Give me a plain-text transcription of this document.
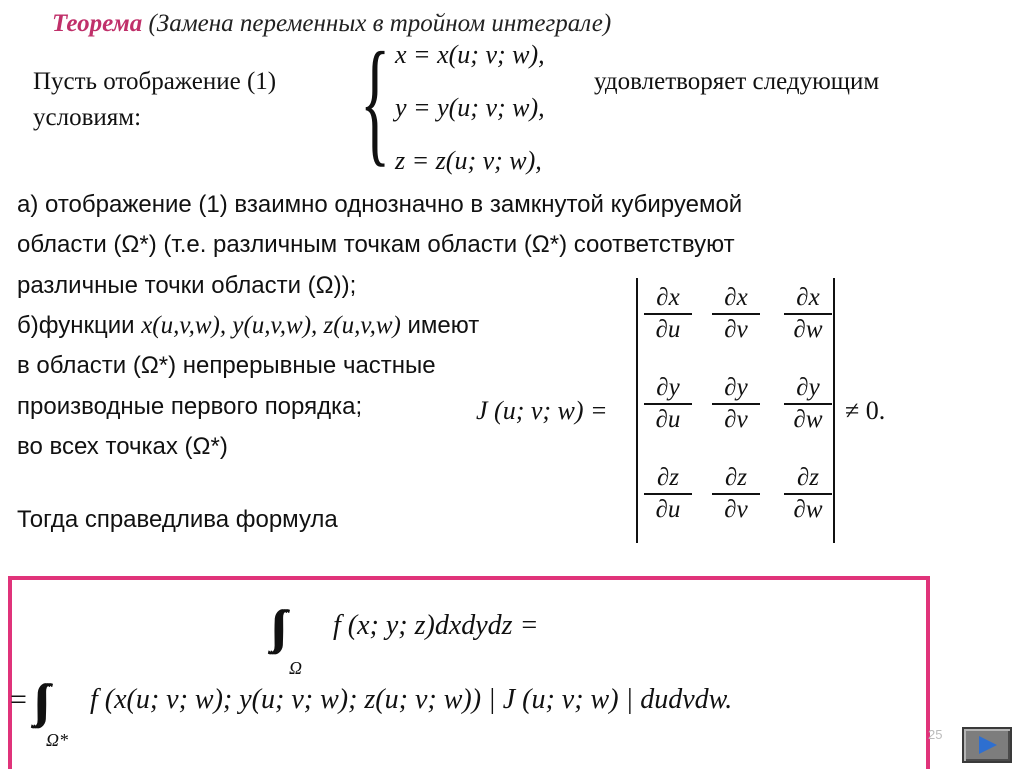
Теорема (Замена переменных в тройном интеграле)
Пусть отображение (1)
условиям: { x = x(u; v; w),
y = y(u; v; w),
z = z(u; v; w),
удовлетворяет следующим
а) отображение (1) взаимно однозначно в замкнутой кубируемой
области (Ω*) (т.е. различным точкам области (Ω*) соответствуют
различные точки области (Ω));
б)функции x(u,v,w), y(u,v,w), z(u,v,w) имеют
в области (Ω*) непрерывные частные
производные первого порядка;
во всех точках (Ω*)
J (u; v; w) =
∂x
∂u
∂x
∂v
∂x
∂w
∂y
∂u
∂y
∂v
∂y
∂w
∂z
∂u
∂z
∂v
∂z
∂w
≠ 0.
Тогда справедлива формула
f (x; y; z)dxdydz =
Ω
= f (x(u; v; w); y(u; v; w); z(u; v; w)) | J (u; v; w) | dudvdw.
Ω*	25
